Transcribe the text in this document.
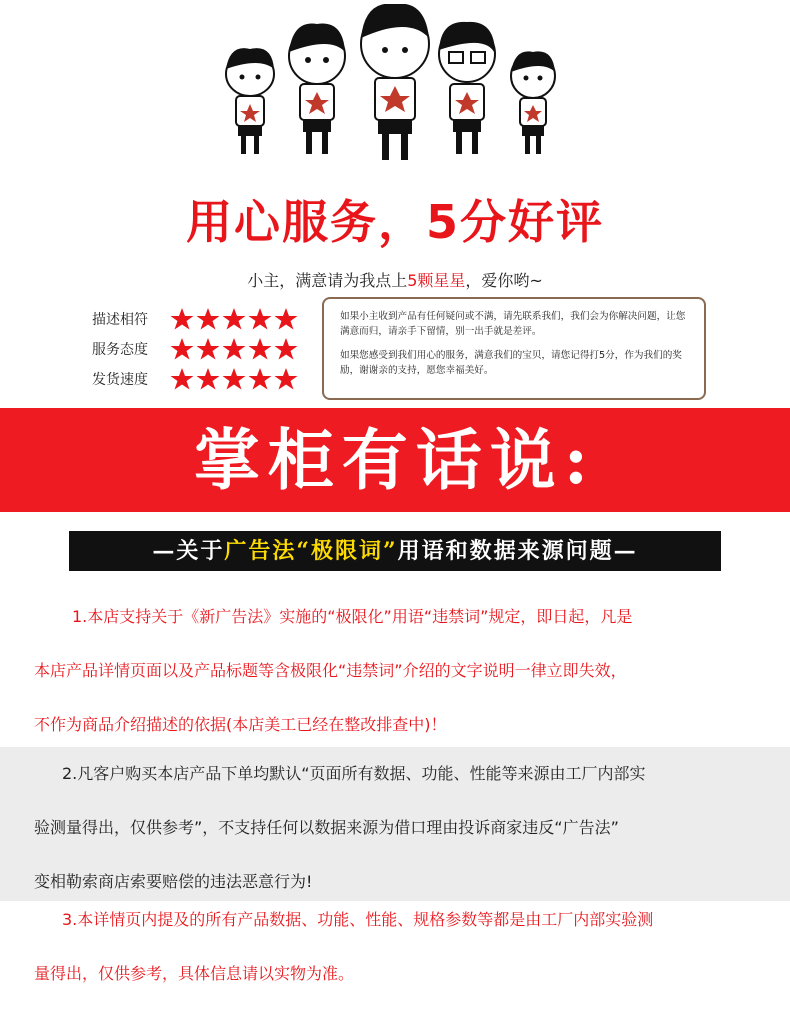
用心服务，5分好评
小主，满意请为我点上5颗星星，爱你哟~
描述相符
服务态度
发货速度

如果小主收到产品有任何疑问或不满，请先联系我们，我们会为你解决问题，让您满意而归，请亲手下留情，别一出手就是差评。

如果您感受到我们用心的服务，满意我们的宝贝，请您记得打5分，作为我们的奖励，谢谢亲的支持，愿您幸福美好。

掌柜有话说:
—关于广告法“极限词”用语和数据来源问题—
1.本店支持关于《新广告法》实施的“极限化”用语“违禁词”规定，即日起，凡是
本店产品详情页面以及产品标题等含极限化“违禁词”介绍的文字说明一律立即失效，
不作为商品介绍描述的依据(本店美工已经在整改排查中)！
2.凡客户购买本店产品下单均默认“页面所有数据、功能、性能等来源由工厂内部实
验测量得出，仅供参考”，不支持任何以数据来源为借口理由投诉商家违反“广告法”
变相勒索商店索要赔偿的违法恶意行为!
3.本详情页内提及的所有产品数据、功能、性能、规格参数等都是由工厂内部实验测
量得出，仅供参考，具体信息请以实物为准。
